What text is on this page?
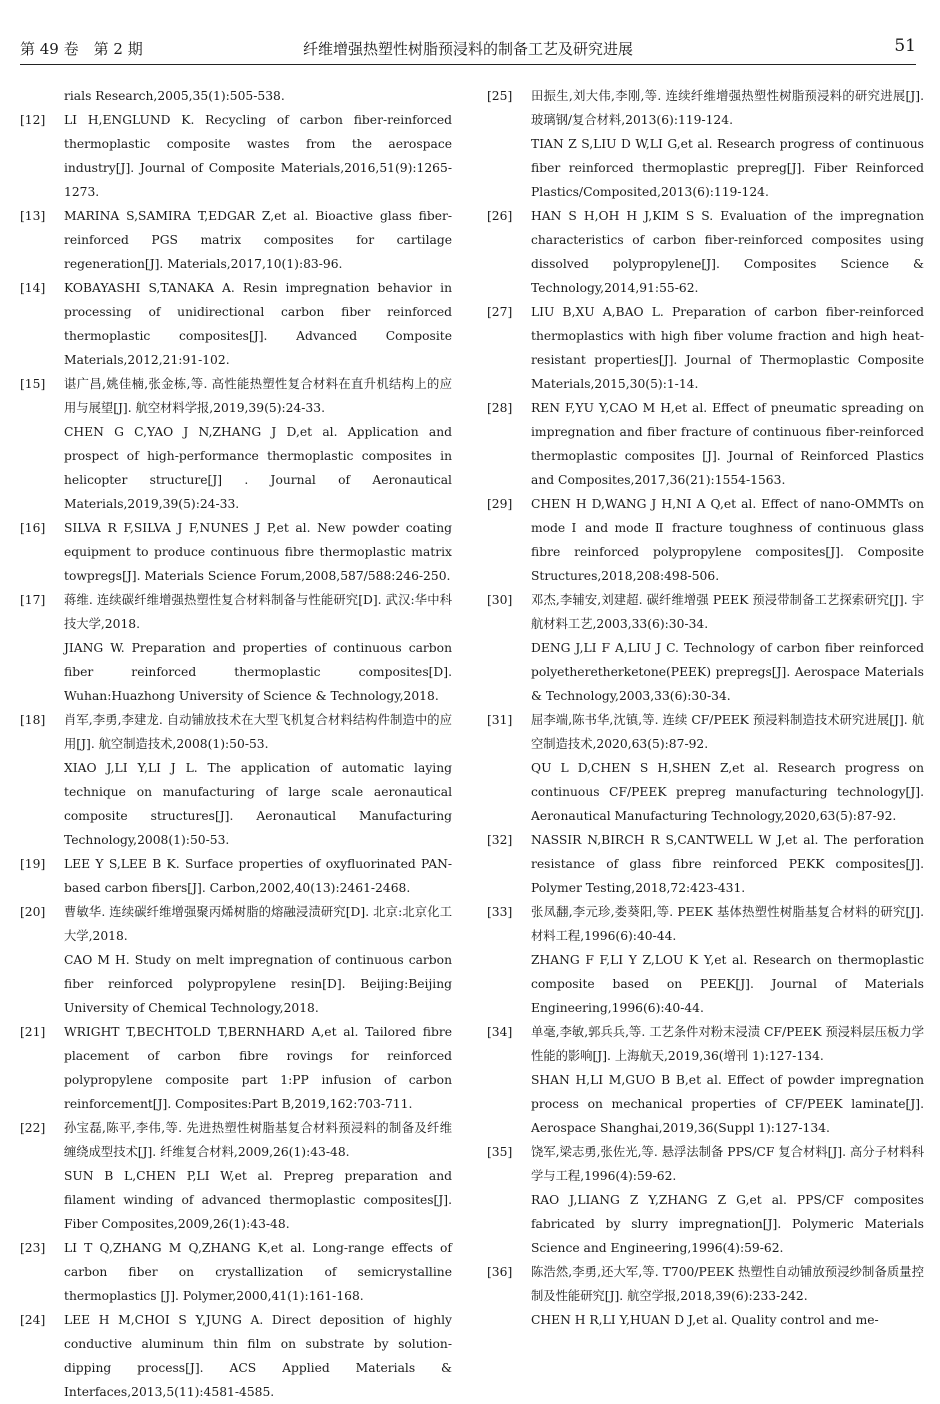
第 49 卷　第 2 期	纤维增强热塑性树脂预浸料的制备工艺及研究进展	51
rials Research,2005,35(1):505-538.
[12] LI H,ENGLUND K. Recycling of carbon fiber-reinforced thermoplastic composite wastes from the aerospace industry[J]. Journal of Composite Materials,2016,51(9):1265- 1273.
[13] MARINA S,SAMIRA T,EDGAR Z,et al. Bioactive glass fiber-reinforced PGS matrix composites for cartilage regeneration[J]. Materials,2017,10(1):83-96.
[14] KOBAYASHI S,TANAKA A. Resin impregnation behavior in processing of unidirectional carbon fiber reinforced thermoplastic composites[J]. Advanced Composite Materials,2012,21:91-102.
[15] 谌广昌,姚佳楠,张金栋,等. 高性能热塑性复合材料在直升机结构上的应用与展望[J]. 航空材料学报,2019,39(5):24-33.
CHEN G C,YAO J N,ZHANG J D,et al. Application and prospect of high-performance thermoplastic composites in helicopter structure[J] . Journal of Aeronautical Materials,2019,39(5):24-33.
[16] SILVA R F,SILVA J F,NUNES J P,et al. New powder coating equipment to produce continuous fibre thermoplastic matrix towpregs[J]. Materials Science Forum,2008,587/588:246-250.
[17] 蒋维. 连续碳纤维增强热塑性复合材料制备与性能研究[D]. 武汉:华中科技大学,2018.
JIANG W. Preparation and properties of continuous carbon fiber reinforced thermoplastic composites[D]. Wuhan:Huazhong University of Science & Technology,2018.
[18] 肖军,李勇,李建龙. 自动铺放技术在大型飞机复合材料结构件制造中的应用[J]. 航空制造技术,2008(1):50-53.
XIAO J,LI Y,LI J L. The application of automatic laying technique on manufacturing of large scale aeronautical composite structures[J]. Aeronautical Manufacturing Technology,2008(1):50-53.
[19] LEE Y S,LEE B K. Surface properties of oxyfluorinated PAN-based carbon fibers[J]. Carbon,2002,40(13):2461-2468.
[20] 曹敏华. 连续碳纤维增强聚丙烯树脂的熔融浸渍研究[D]. 北京:北京化工大学,2018.
CAO M H. Study on melt impregnation of continuous carbon fiber reinforced polypropylene resin[D]. Beijing:Beijing University of Chemical Technology,2018.
[21] WRIGHT T,BECHTOLD T,BERNHARD A,et al. Tailored fibre placement of carbon fibre rovings for reinforced polypropylene composite part 1:PP infusion of carbon reinforcement[J]. Composites:Part B,2019,162:703-711.
[22] 孙宝磊,陈平,李伟,等. 先进热塑性树脂基复合材料预浸料的制备及纤维缠绕成型技术[J]. 纤维复合材料,2009,26(1):43-48.
SUN B L,CHEN P,LI W,et al. Prepreg preparation and filament winding of advanced thermoplastic composites[J]. Fiber Composites,2009,26(1):43-48.
[23] LI T Q,ZHANG M Q,ZHANG K,et al. Long-range effects of carbon fiber on crystallization of semicrystalline thermoplastics [J]. Polymer,2000,41(1):161-168.
[24] LEE H M,CHOI S Y,JUNG A. Direct deposition of highly conductive aluminum thin film on substrate by solution-dipping process[J]. ACS Applied Materials & Interfaces,2013,5(11):4581-4585.
[25] 田振生,刘大伟,李刚,等. 连续纤维增强热塑性树脂预浸料的研究进展[J]. 玻璃钢/复合材料,2013(6):119-124.
TIAN Z S,LIU D W,LI G,et al. Research progress of continuous fiber reinforced thermoplastic prepreg[J]. Fiber Reinforced Plastics/Composited,2013(6):119-124.
[26] HAN S H,OH H J,KIM S S. Evaluation of the impregnation characteristics of carbon fiber-reinforced composites using dissolved polypropylene[J]. Composites Science & Technology,2014,91:55-62.
[27] LIU B,XU A,BAO L. Preparation of carbon fiber-reinforced thermoplastics with high fiber volume fraction and high heat-resistant properties[J]. Journal of Thermoplastic Composite Materials,2015,30(5):1-14.
[28] REN F,YU Y,CAO M H,et al. Effect of pneumatic spreading on impregnation and fiber fracture of continuous fiber-reinforced thermoplastic composites [J]. Journal of Reinforced Plastics and Composites,2017,36(21):1554-1563.
[29] CHEN H D,WANG J H,NI A Q,et al. Effect of nano-OMMTs on mode Ⅰ and mode Ⅱ fracture toughness of continuous glass fibre reinforced polypropylene composites[J]. Composite Structures,2018,208:498-506.
[30] 邓杰,李辅安,刘建超. 碳纤维增强 PEEK 预浸带制备工艺探索研究[J]. 宇航材料工艺,2003,33(6):30-34.
DENG J,LI F A,LIU J C. Technology of carbon fiber reinforced polyetheretherketone(PEEK) prepregs[J]. Aerospace Materials & Technology,2003,33(6):30-34.
[31] 屈李端,陈书华,沈镇,等. 连续 CF/PEEK 预浸料制造技术研究进展[J]. 航空制造技术,2020,63(5):87-92.
QU L D,CHEN S H,SHEN Z,et al. Research progress on continuous CF/PEEK prepreg manufacturing technology[J]. Aeronautical Manufacturing Technology,2020,63(5):87-92.
[32] NASSIR N,BIRCH R S,CANTWELL W J,et al. The perforation resistance of glass fibre reinforced PEKK composites[J]. Polymer Testing,2018,72:423-431.
[33] 张凤翻,李元珍,娄葵阳,等. PEEK 基体热塑性树脂基复合材料的研究[J]. 材料工程,1996(6):40-44.
ZHANG F F,LI Y Z,LOU K Y,et al. Research on thermoplastic composite based on PEEK[J]. Journal of Materials Engineering,1996(6):40-44.
[34] 单毫,李敏,郭兵兵,等. 工艺条件对粉末浸渍 CF/PEEK 预浸料层压板力学性能的影响[J]. 上海航天,2019,36(增刊 1):127-134.
SHAN H,LI M,GUO B B,et al. Effect of powder impregnation process on mechanical properties of CF/PEEK laminate[J]. Aerospace Shanghai,2019,36(Suppl 1):127-134.
[35] 饶军,梁志勇,张佐光,等. 悬浮法制备 PPS/CF 复合材料[J]. 高分子材料科学与工程,1996(4):59-62.
RAO J,LIANG Z Y,ZHANG Z G,et al. PPS/CF composites fabricated by slurry impregnation[J]. Polymeric Materials Science and Engineering,1996(4):59-62.
[36] 陈浩然,李勇,还大军,等. T700/PEEK 热塑性自动铺放预浸纱制备质量控制及性能研究[J]. 航空学报,2018,39(6):233-242.
CHEN H R,LI Y,HUAN D J,et al. Quality control and me-
